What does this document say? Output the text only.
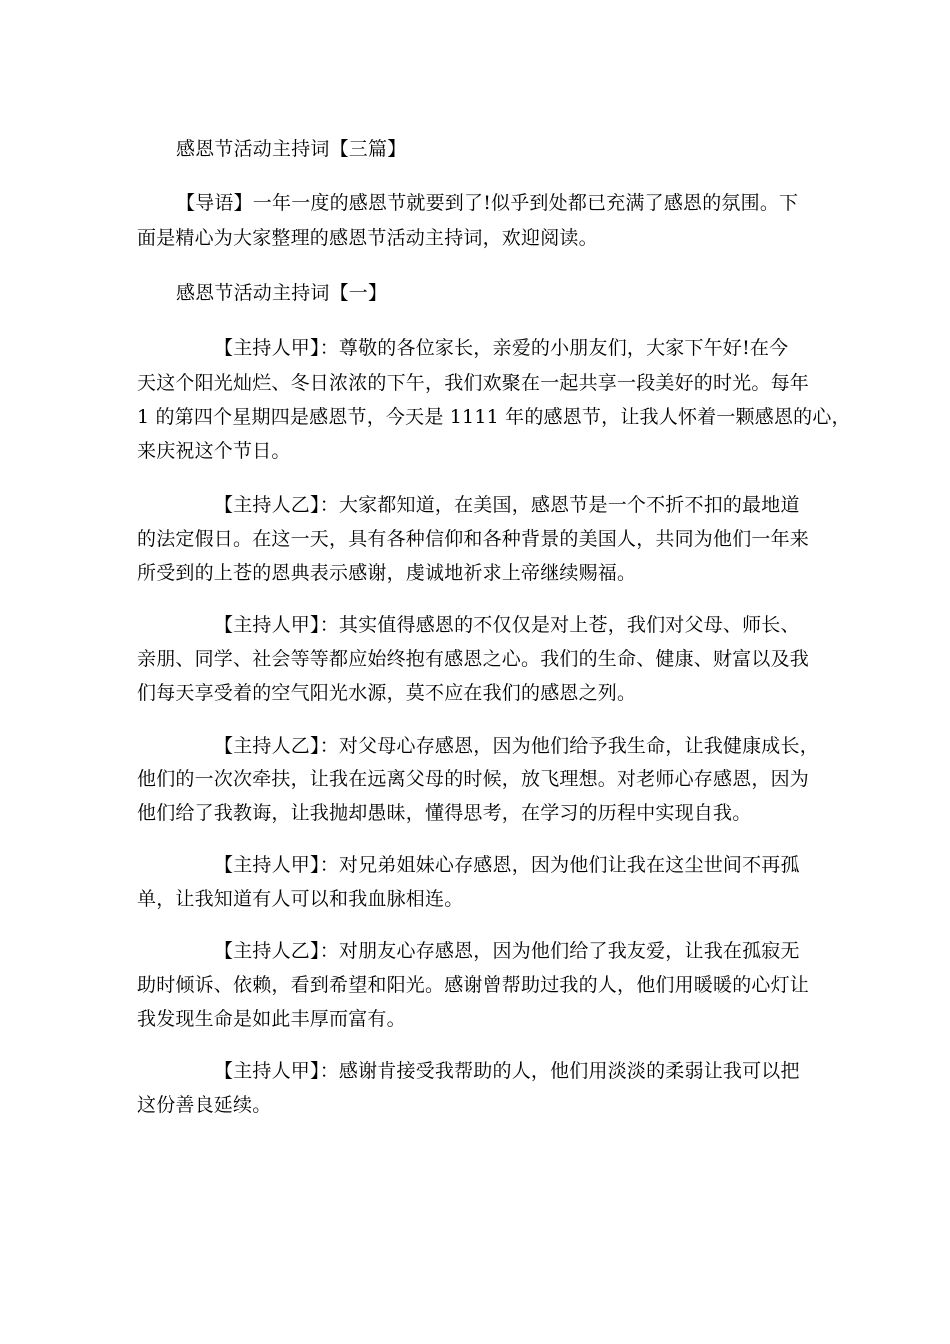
感恩节活动主持词【三篇】
【导语】一年一度的感恩节就要到了!似乎到处都已充满了感恩的氛围。下
面是精心为大家整理的感恩节活动主持词，欢迎阅读。
感恩节活动主持词【一】
【主持人甲】：尊敬的各位家长，亲爱的小朋友们，大家下午好!在今
天这个阳光灿烂、冬日浓浓的下午，我们欢聚在一起共享一段美好的时光。每年
1 的第四个星期四是感恩节，今天是 1111 年的感恩节，让我人怀着一颗感恩的心，
来庆祝这个节日。
【主持人乙】：大家都知道，在美国，感恩节是一个不折不扣的最地道
的法定假日。在这一天，具有各种信仰和各种背景的美国人，共同为他们一年来
所受到的上苍的恩典表示感谢，虔诚地祈求上帝继续赐福。
【主持人甲】：其实值得感恩的不仅仅是对上苍，我们对父母、师长、
亲朋、同学、社会等等都应始终抱有感恩之心。我们的生命、健康、财富以及我
们每天享受着的空气阳光水源，莫不应在我们的感恩之列。
【主持人乙】：对父母心存感恩，因为他们给予我生命，让我健康成长，
他们的一次次牵扶，让我在远离父母的时候，放飞理想。对老师心存感恩，因为
他们给了我教诲，让我抛却愚昧，懂得思考，在学习的历程中实现自我。
【主持人甲】：对兄弟姐妹心存感恩，因为他们让我在这尘世间不再孤
单，让我知道有人可以和我血脉相连。
【主持人乙】：对朋友心存感恩，因为他们给了我友爱，让我在孤寂无
助时倾诉、依赖，看到希望和阳光。感谢曾帮助过我的人，他们用暖暖的心灯让
我发现生命是如此丰厚而富有。
【主持人甲】：感谢肯接受我帮助的人，他们用淡淡的柔弱让我可以把
这份善良延续。
